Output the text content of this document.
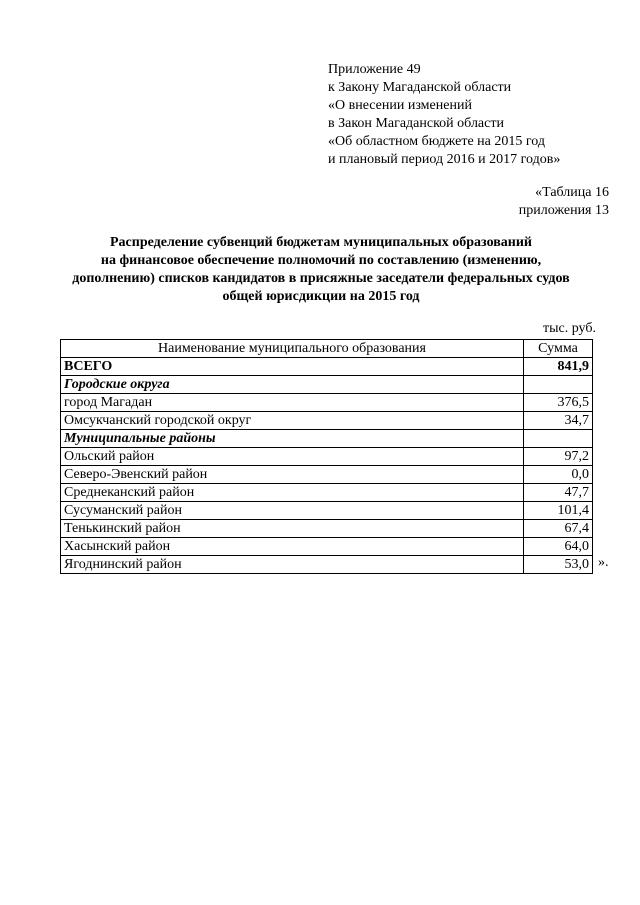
Приложение 49
к Закону Магаданской области
«О внесении изменений
в Закон Магаданской области
«Об областном бюджете на 2015 год
и плановый период 2016 и 2017 годов»
«Таблица 16
приложения 13
Распределение субвенций бюджетам муниципальных образований
на финансовое обеспечение полномочий по составлению (изменению,
дополнению) списков кандидатов в присяжные заседатели федеральных судов
общей юрисдикции на 2015 год
тыс. руб.
Наименование муниципального образования	Сумма
ВСЕГО	841,9
Городские округа	
город Магадан	376,5
Омсукчанский городской округ	34,7
Муниципальные районы	
Ольский район	97,2
Северо-Эвенский район	0,0
Среднеканский район	47,7
Сусуманский район	101,4
Тенькинский район	67,4
Хасынский район	64,0
Ягоднинский район	53,0 ».
